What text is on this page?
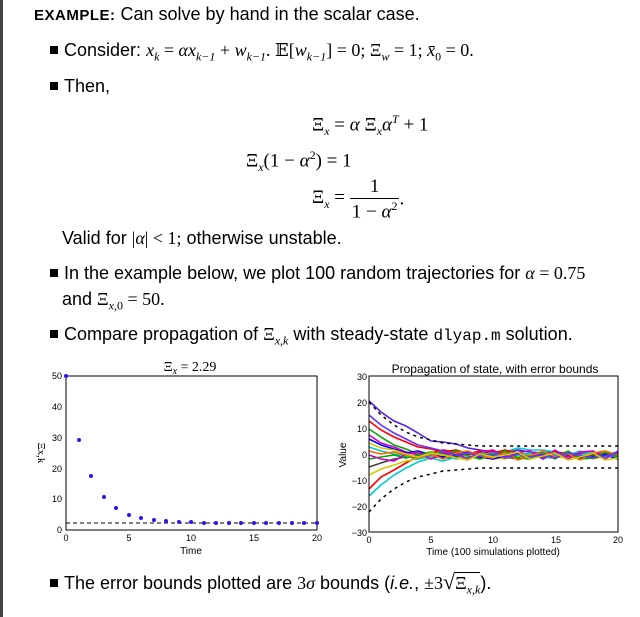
EXAMPLE: Can solve by hand in the scalar case.
Consider: $x_k = \alpha x_{k-1} + w_{k-1}$. $𝔼[w_{k-1}] = 0$; $\Xi_w = 1$; $x̄_0 = 0$.
Then,
$\Xi_x = \alpha$ $\Xi_x\alpha^T + 1$
$\Xi_x(1 - \alpha^2) = 1$
$\Xi_x = \frac{1}{1 - \alpha^2}$ .
Valid for |α| < 1; otherwise unstable.
In the example below, we plot 100 random trajectories for α = 0.75
and $\Xi_{x,0} = 50$.
Compare propagation of $\Xi_{x,k}$ with steady-state dlyap.m solution.
$\Xi_x = 2.29$
0
10
20
30
40
50
0	5	10	15	20
Time
Ξx,k
Propagation of state, with error bounds
30
20
10
0
−10
−20
−30
0	5	10	15	20
Time (100 simulations plotted)
Value
The error bounds plotted are 3σ bounds (i.e., $\pm 3√\Xi_{x,k}$).
